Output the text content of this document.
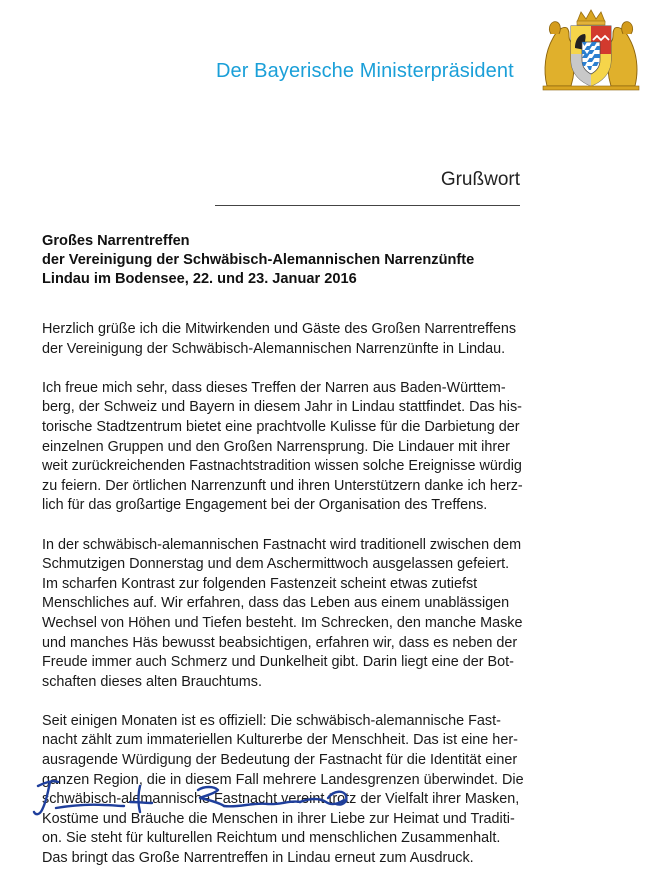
Der Bayerische Ministerpräsident
Grußwort
Großes Narrentreffen
der Vereinigung der Schwäbisch-Alemannischen Narrenzünfte
Lindau im Bodensee, 22. und 23. Januar 2016
Herzlich grüße ich die Mitwirkenden und Gäste des Großen Narrentreffens
der Vereinigung der Schwäbisch-Alemannischen Narrenzünfte in Lindau.
Ich freue mich sehr, dass dieses Treffen der Narren aus Baden-Württem-
berg, der Schweiz und Bayern in diesem Jahr in Lindau stattfindet. Das his-
torische Stadtzentrum bietet eine prachtvolle Kulisse für die Darbietung der
einzelnen Gruppen und den Großen Narrensprung. Die Lindauer mit ihrer
weit zurückreichenden Fastnachtstradition wissen solche Ereignisse würdig
zu feiern. Der örtlichen Narrenzunft und ihren Unterstützern danke ich herz-
lich für das großartige Engagement bei der Organisation des Treffens.
In der schwäbisch-alemannischen Fastnacht wird traditionell zwischen dem
Schmutzigen Donnerstag und dem Aschermittwoch ausgelassen gefeiert.
Im scharfen Kontrast zur folgenden Fastenzeit scheint etwas zutiefst
Menschliches auf. Wir erfahren, dass das Leben aus einem unablässigen
Wechsel von Höhen und Tiefen besteht. Im Schrecken, den manche Maske
und manches Häs bewusst beabsichtigen, erfahren wir, dass es neben der
Freude immer auch Schmerz und Dunkelheit gibt. Darin liegt eine der Bot-
schaften dieses alten Brauchtums.
Seit einigen Monaten ist es offiziell: Die schwäbisch-alemannische Fast-
nacht zählt zum immateriellen Kulturerbe der Menschheit. Das ist eine her-
ausragende Würdigung der Bedeutung der Fastnacht für die Identität einer
ganzen Region, die in diesem Fall mehrere Landesgrenzen überwindet. Die
schwäbisch-alemannische Fastnacht vereint trotz der Vielfalt ihrer Masken,
Kostüme und Bräuche die Menschen in ihrer Liebe zur Heimat und Traditi-
on. Sie steht für kulturellen Reichtum und menschlichen Zusammenhalt.
Das bringt das Große Narrentreffen in Lindau erneut zum Ausdruck.
